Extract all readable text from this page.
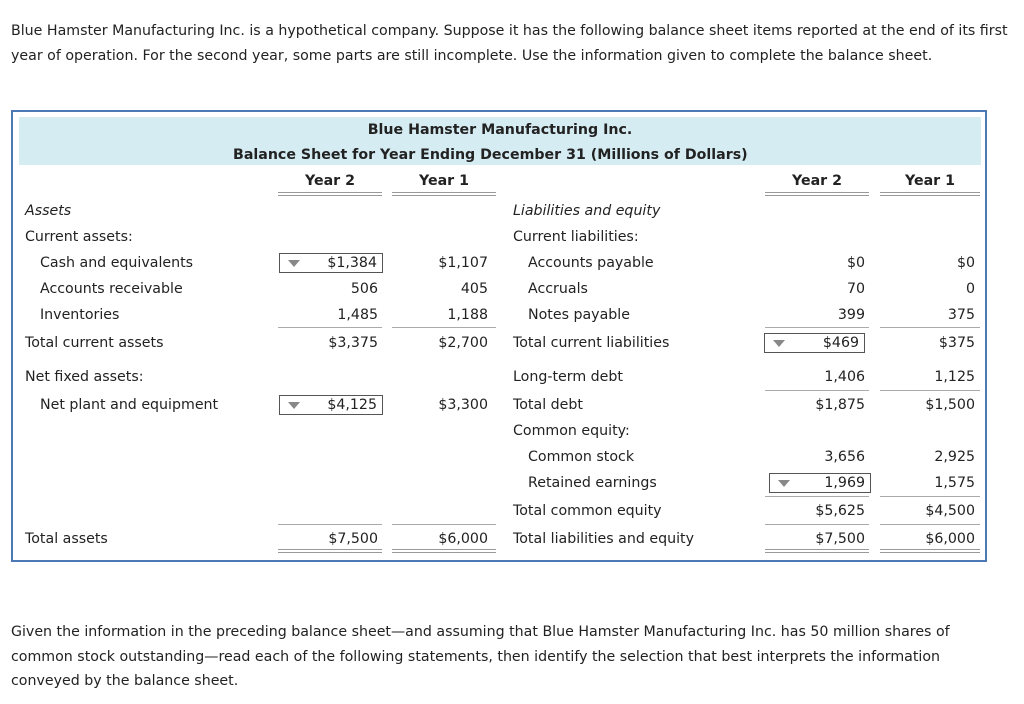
Blue Hamster Manufacturing Inc. is a hypothetical company. Suppose it has the following balance sheet items reported at the end of its first year of operation. For the second year, some parts are still incomplete. Use the information given to complete the balance sheet.
Blue Hamster Manufacturing Inc.
Balance Sheet for Year Ending December 31 (Millions of Dollars)
Year 2	Year 1	Year 2	Year 1
Assets
Current assets:
Cash and equivalents	$1,384	$1,107
Accounts receivable	506	405
Inventories	1,485	1,188
Total current assets	$3,375	$2,700
Net fixed assets:
Net plant and equipment	$4,125	$3,300
Total assets	$7,500	$6,000
Liabilities and equity
Current liabilities:
Accounts payable	$0	$0
Accruals	70	0
Notes payable	399	375
Total current liabilities	$469	$375
Long-term debt	1,406	1,125
Total debt	$1,875	$1,500
Common equity:
Common stock	3,656	2,925
Retained earnings	1,969	1,575
Total common equity	$5,625	$4,500
Total liabilities and equity	$7,500	$6,000
Given the information in the preceding balance sheet—and assuming that Blue Hamster Manufacturing Inc. has 50 million shares of common stock outstanding—read each of the following statements, then identify the selection that best interprets the information conveyed by the balance sheet.
